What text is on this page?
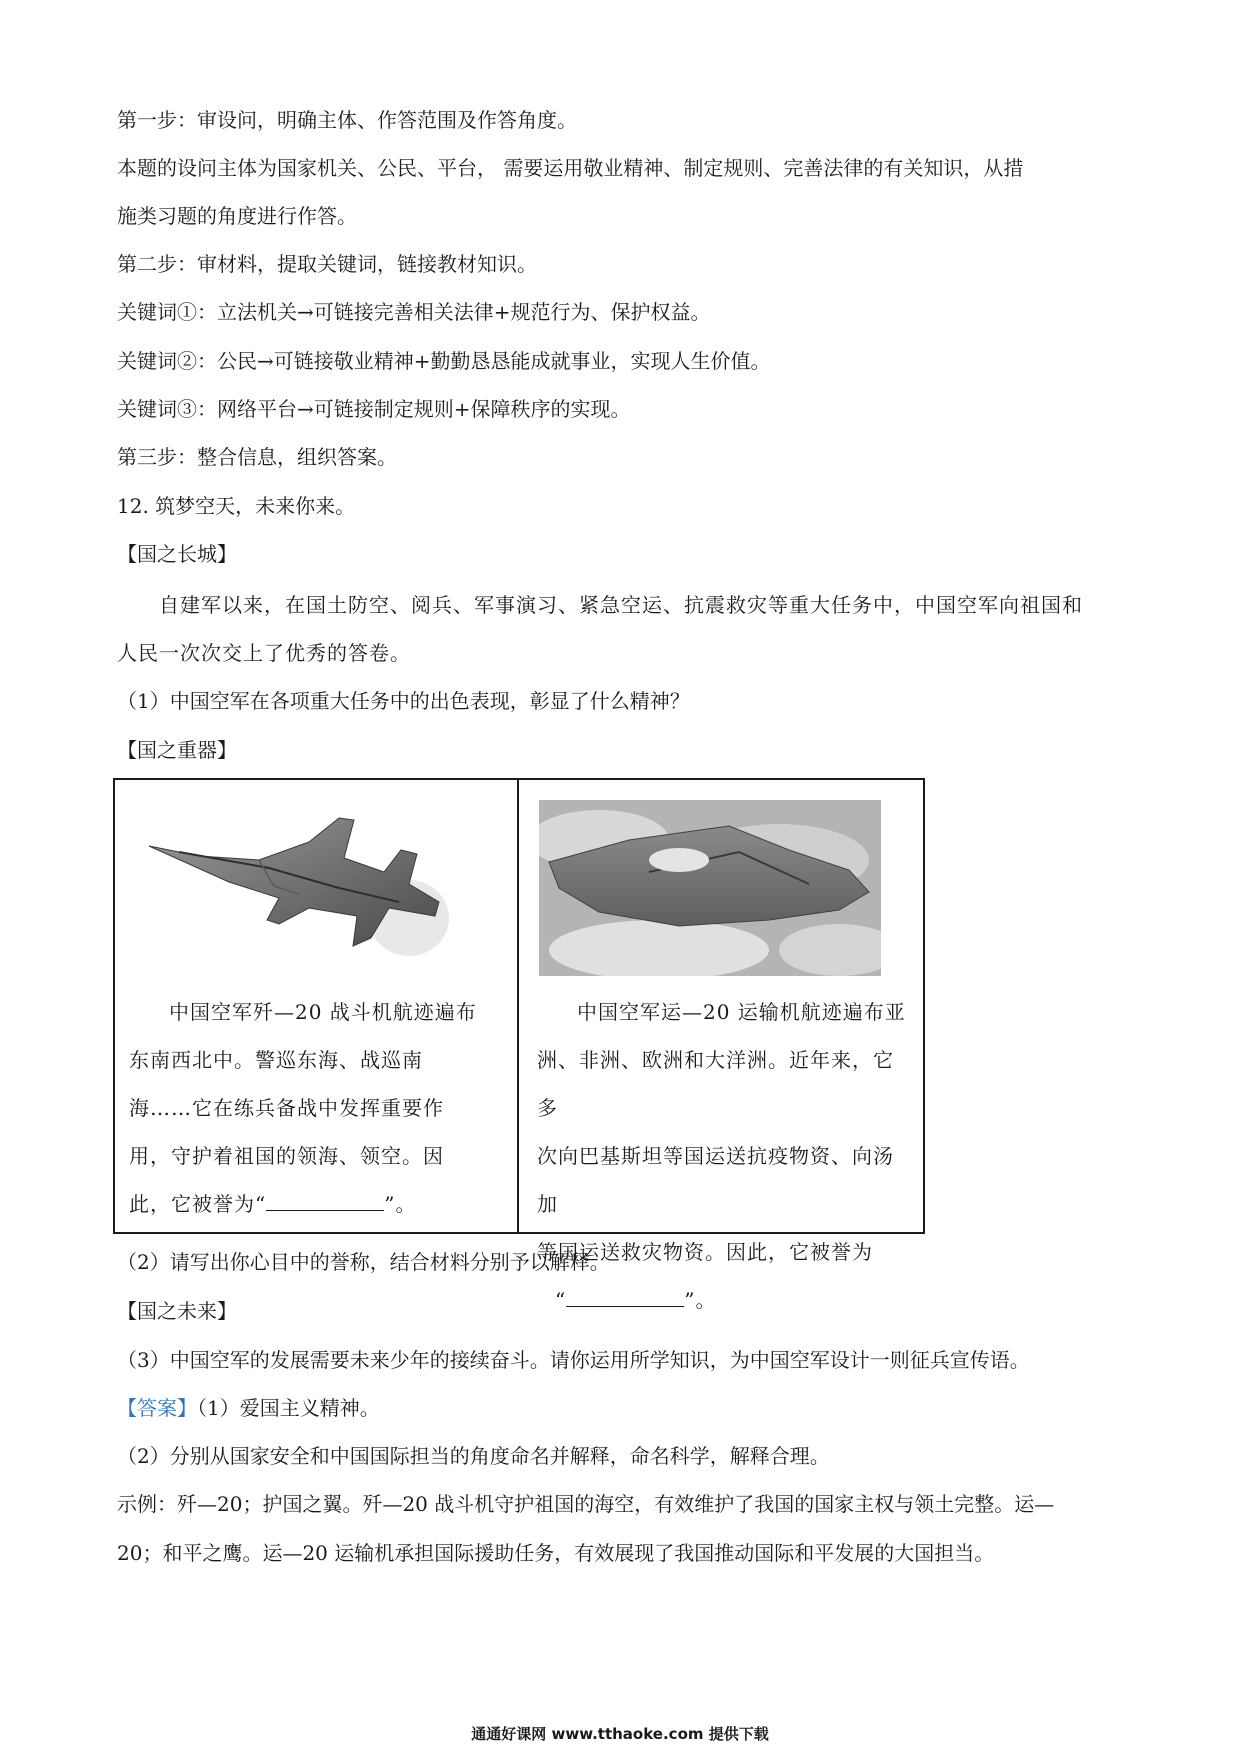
第一步：审设问，明确主体、作答范围及作答角度。
本题的设问主体为国家机关、公民、平台， 需要运用敬业精神、制定规则、完善法律的有关知识，从措
施类习题的角度进行作答。
第二步：审材料，提取关键词，链接教材知识。
关键词①：立法机关→可链接完善相关法律+规范行为、保护权益。
关键词②：公民→可链接敬业精神+勤勤恳恳能成就事业，实现人生价值。
关键词③：网络平台→可链接制定规则+保障秩序的实现。
第三步：整合信息，组织答案。
12. 筑梦空天，未来你来。
【国之长城】
自建军以来，在国土防空、阅兵、军事演习、紧急空运、抗震救灾等重大任务中，中国空军向祖国和
人民一次次交上了优秀的答卷。
（1）中国空军在各项重大任务中的出色表现，彰显了什么精神？
【国之重器】
中国空军歼—20 战斗机航迹遍布
东南西北中。警巡东海、战巡南
海……它在练兵备战中发挥重要作
用，守护着祖国的领海、领空。因
此，它被誉为“	”。
中国空军运—20 运输机航迹遍布亚
洲、非洲、欧洲和大洋洲。近年来，它多
次向巴基斯坦等国运送抗疫物资、向汤加
等国运送救灾物资。因此，它被誉为
“	”。
（2）请写出你心目中的誉称，结合材料分别予以解释。
【国之未来】
（3）中国空军的发展需要未来少年的接续奋斗。请你运用所学知识，为中国空军设计一则征兵宣传语。
【答案】（1）爱国主义精神。
（2）分别从国家安全和中国国际担当的角度命名并解释，命名科学，解释合理。
示例：歼—20；护国之翼。歼—20 战斗机守护祖国的海空，有效维护了我国的国家主权与领土完整。运—
20；和平之鹰。运—20 运输机承担国际援助任务，有效展现了我国推动国际和平发展的大国担当。
通通好课网 www.tthaoke.com 提供下载
